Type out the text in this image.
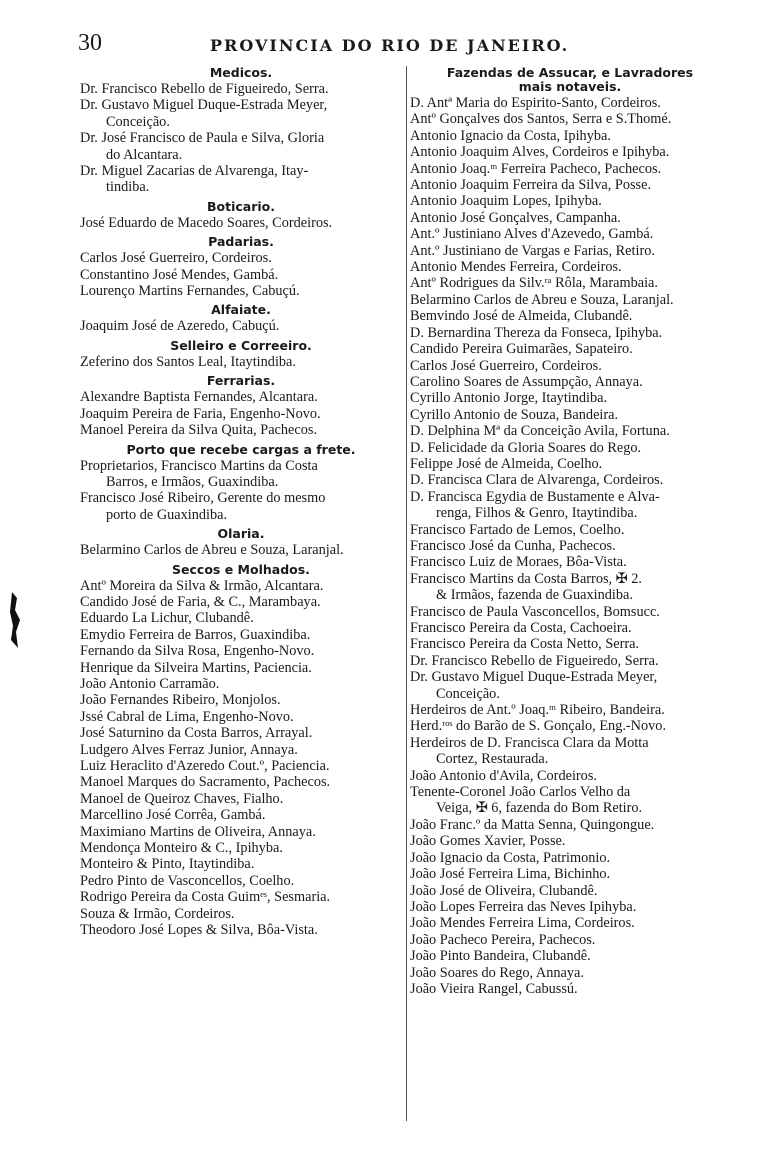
30	PROVINCIA DO RIO DE JANEIRO.
Medicos.
Dr. Francisco Rebello de Figueiredo, Serra.
Dr. Gustavo Miguel Duque-Estrada Meyer,
Conceição.
Dr. José Francisco de Paula e Silva, Gloria
do Alcantara.
Dr. Miguel Zacarias de Alvarenga, Itay-
tindiba.
Boticario.
José Eduardo de Macedo Soares, Cordeiros.
Padarias.
Carlos José Guerreiro, Cordeiros.
Constantino José Mendes, Gambá.
Lourenço Martins Fernandes, Cabuçú.
Alfaiate.
Joaquim José de Azeredo, Cabuçú.
Selleiro e Correeiro.
Zeferino dos Santos Leal, Itaytindiba.
Ferrarias.
Alexandre Baptista Fernandes, Alcantara.
Joaquim Pereira de Faria, Engenho-Novo.
Manoel Pereira da Silva Quita, Pachecos.
Porto que recebe cargas a frete.
Proprietarios, Francisco Martins da Costa
Barros, e Irmãos, Guaxindiba.
Francisco José Ribeiro, Gerente do mesmo
porto de Guaxindiba.
Olaria.
Belarmino Carlos de Abreu e Souza, Laranjal.
Seccos e Molhados.
Antº Moreira da Silva & Irmão, Alcantara.
Candido José de Faria, & C., Marambaya.
Eduardo La Lichur, Clubandê.
Emydio Ferreira de Barros, Guaxindiba.
Fernando da Silva Rosa, Engenho-Novo.
Henrique da Silveira Martins, Paciencia.
João Antonio Carramão.
João Fernandes Ribeiro, Monjolos.
Jssé Cabral de Lima, Engenho-Novo.
José Saturnino da Costa Barros, Arrayal.
Ludgero Alves Ferraz Junior, Annaya.
Luiz Heraclito d'Azeredo Cout.º, Paciencia.
Manoel Marques do Sacramento, Pachecos.
Manoel de Queiroz Chaves, Fialho.
Marcellino José Corrêa, Gambá.
Maximiano Martins de Oliveira, Annaya.
Mendonça Monteiro & C., Ipihyba.
Monteiro & Pinto, Itaytindiba.
Pedro Pinto de Vasconcellos, Coelho.
Rodrigo Pereira da Costa Guimᵉˢ, Sesmaria.
Souza & Irmão, Cordeiros.
Theodoro José Lopes & Silva, Bôa-Vista.
Fazendas de Assucar, e Lavradores
mais notaveis.
D. Antª Maria do Espirito-Santo, Cordeiros.
Antº Gonçalves dos Santos, Serra e S.Thomé.
Antonio Ignacio da Costa, Ipihyba.
Antonio Joaquim Alves, Cordeiros e Ipihyba.
Antonio Joaq.ᵐ Ferreira Pacheco, Pachecos.
Antonio Joaquim Ferreira da Silva, Posse.
Antonio Joaquim Lopes, Ipihyba.
Antonio José Gonçalves, Campanha.
Ant.º Justiniano Alves d'Azevedo, Gambá.
Ant.º Justiniano de Vargas e Farias, Retiro.
Antonio Mendes Ferreira, Cordeiros.
Antº Rodrigues da Silv.ʳᵃ Rôla, Marambaia.
Belarmino Carlos de Abreu e Souza, Laranjal.
Bemvindo José de Almeida, Clubandê.
D. Bernardina Thereza da Fonseca, Ipihyba.
Candido Pereira Guimarães, Sapateiro.
Carlos José Guerreiro, Cordeiros.
Carolino Soares de Assumpção, Annaya.
Cyrillo Antonio Jorge, Itaytindiba.
Cyrillo Antonio de Souza, Bandeira.
D. Delphina Mª da Conceição Avila, Fortuna.
D. Felicidade da Gloria Soares do Rego.
Felippe José de Almeida, Coelho.
D. Francisca Clara de Alvarenga, Cordeiros.
D. Francisca Egydia de Bustamente e Alva-
renga, Filhos & Genro, Itaytindiba.
Francisco Fartado de Lemos, Coelho.
Francisco José da Cunha, Pachecos.
Francisco Luiz de Moraes, Bôa-Vista.
Francisco Martins da Costa Barros, ✠ 2.
& Irmãos, fazenda de Guaxindiba.
Francisco de Paula Vasconcellos, Bomsucc.
Francisco Pereira da Costa, Cachoeira.
Francisco Pereira da Costa Netto, Serra.
Dr. Francisco Rebello de Figueiredo, Serra.
Dr. Gustavo Miguel Duque-Estrada Meyer,
Conceição.
Herdeiros de Ant.º Joaq.ᵐ Ribeiro, Bandeira.
Herd.ʳᵒˢ do Barão de S. Gonçalo, Eng.-Novo.
Herdeiros de D. Francisca Clara da Motta
Cortez, Restaurada.
João Antonio d'Avila, Cordeiros.
Tenente-Coronel João Carlos Velho da
Veiga, ✠ 6, fazenda do Bom Retiro.
João Franc.º da Matta Senna, Quingongue.
João Gomes Xavier, Posse.
João Ignacio da Costa, Patrimonio.
João José Ferreira Lima, Bichinho.
João José de Oliveira, Clubandê.
João Lopes Ferreira das Neves Ipihyba.
João Mendes Ferreira Lima, Cordeiros.
João Pacheco Pereira, Pachecos.
João Pinto Bandeira, Clubandê.
João Soares do Rego, Annaya.
João Vieira Rangel, Cabussú.
